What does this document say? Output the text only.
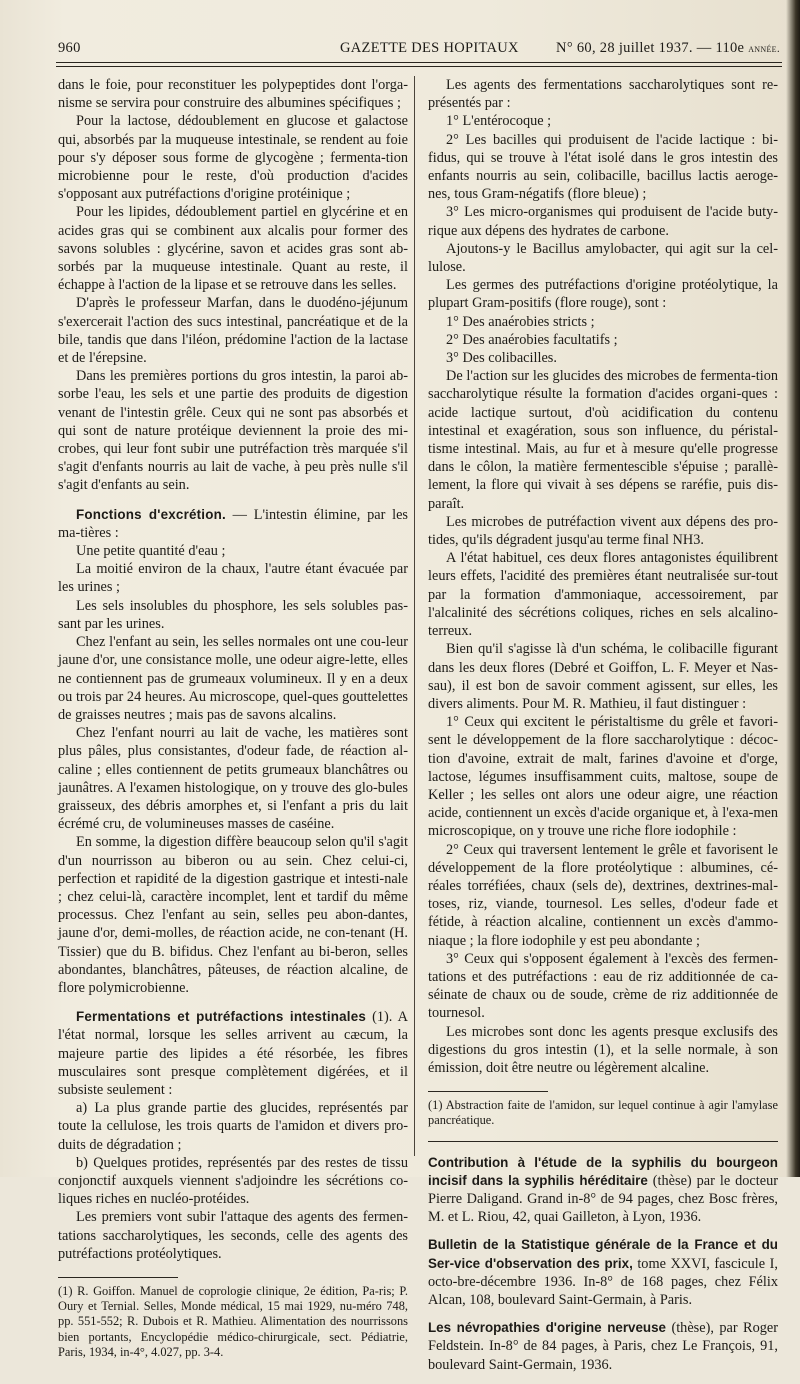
960	GAZETTE DES HOPITAUX	N° 60, 28 juillet 1937. — 110e année.

dans le foie, pour reconstituer les polypeptides dont l'orga-nisme se servira pour construire des albumines spécifiques ;

Pour la lactose, dédoublement en glucose et galactose qui, absorbés par la muqueuse intestinale, se rendent au foie pour s'y déposer sous forme de glycogène ; fermenta-tion microbienne pour le reste, d'où production d'acides s'opposant aux putréfactions d'origine protéinique ;

Pour les lipides, dédoublement partiel en glycérine et en acides gras qui se combinent aux alcalis pour former des savons solubles : glycérine, savon et acides gras sont ab-sorbés par la muqueuse intestinale. Quant au reste, il échappe à l'action de la lipase et se retrouve dans les selles.

D'après le professeur Marfan, dans le duodéno-jéjunum s'exercerait l'action des sucs intestinal, pancréatique et de la bile, tandis que dans l'iléon, prédomine l'action de la lactase et de l'érepsine.

Dans les premières portions du gros intestin, la paroi ab-sorbe l'eau, les sels et une partie des produits de digestion venant de l'intestin grêle. Ceux qui ne sont pas absorbés et qui sont de nature protéique deviennent la proie des mi-crobes, qui leur font subir une putréfaction très marquée s'il s'agit d'enfants nourris au lait de vache, à peu près nulle s'il s'agit d'enfants au sein.

Fonctions d'excrétion. — L'intestin élimine, par les ma-tières :

Une petite quantité d'eau ;

La moitié environ de la chaux, l'autre étant évacuée par les urines ;

Les sels insolubles du phosphore, les sels solubles pas-sant par les urines.

Chez l'enfant au sein, les selles normales ont une cou-leur jaune d'or, une consistance molle, une odeur aigre-lette, elles ne contiennent pas de grumeaux volumineux. Il y en a deux ou trois par 24 heures. Au microscope, quel-ques gouttelettes de graisses neutres ; mais pas de savons alcalins.

Chez l'enfant nourri au lait de vache, les matières sont plus pâles, plus consistantes, d'odeur fade, de réaction al-caline ; elles contiennent de petits grumeaux blanchâtres ou jaunâtres. A l'examen histologique, on y trouve des glo-bules graisseux, des débris amorphes et, si l'enfant a pris du lait écrémé cru, de volumineuses masses de caséine.

En somme, la digestion diffère beaucoup selon qu'il s'agit d'un nourrisson au biberon ou au sein. Chez celui-ci, perfection et rapidité de la digestion gastrique et intesti-nale ; chez celui-là, caractère incomplet, lent et tardif du même processus. Chez l'enfant au sein, selles peu abon-dantes, jaune d'or, demi-molles, de réaction acide, ne con-tenant (H. Tissier) que du B. bifidus. Chez l'enfant au bi-beron, selles abondantes, blanchâtres, pâteuses, de réaction alcaline, de flore polymicrobienne.

Fermentations et putréfactions intestinales (1). A l'état normal, lorsque les selles arrivent au cæcum, la majeure partie des lipides a été résorbée, les fibres musculaires sont presque complètement digérées, et il subsiste seulement :

a) La plus grande partie des glucides, représentés par toute la cellulose, les trois quarts de l'amidon et divers pro-duits de dégradation ;

b) Quelques protides, représentés par des restes de tissu conjonctif auxquels viennent s'adjoindre les sécrétions co-liques riches en nucléo-protéides.

Les premiers vont subir l'attaque des agents des fermen-tations saccharolytiques, les seconds, celle des agents des putréfactions protéolytiques.

(1) R. Goiffon. Manuel de coprologie clinique, 2e édition, Pa-ris; P. Oury et Ternial. Selles, Monde médical, 15 mai 1929, nu-méro 748, pp. 551-552; R. Dubois et R. Mathieu. Alimentation des nourrissons bien portants, Encyclopédie médico-chirurgicale, sect. Pédiatrie, Paris, 1934, in-4°, 4.027, pp. 3-4.

Les agents des fermentations saccharolytiques sont re-présentés par :

1° L'entérocoque ;

2° Les bacilles qui produisent de l'acide lactique : bi-fidus, qui se trouve à l'état isolé dans le gros intestin des enfants nourris au sein, colibacille, bacillus lactis aeroge-nes, tous Gram-négatifs (flore bleue) ;

3° Les micro-organismes qui produisent de l'acide buty-rique aux dépens des hydrates de carbone.

Ajoutons-y le Bacillus amylobacter, qui agit sur la cel-lulose.

Les germes des putréfactions d'origine protéolytique, la plupart Gram-positifs (flore rouge), sont :

1° Des anaérobies stricts ;

2° Des anaérobies facultatifs ;

3° Des colibacilles.

De l'action sur les glucides des microbes de fermenta-tion saccharolytique résulte la formation d'acides organi-ques : acide lactique surtout, d'où acidification du contenu intestinal et exagération, sous son influence, du péristal-tisme intestinal. Mais, au fur et à mesure qu'elle progresse dans le côlon, la matière fermentescible s'épuise ; parallè-lement, la flore qui vivait à ses dépens se raréfie, puis dis-paraît.

Les microbes de putréfaction vivent aux dépens des pro-tides, qu'ils dégradent jusqu'au terme final NH3.

A l'état habituel, ces deux flores antagonistes équilibrent leurs effets, l'acidité des premières étant neutralisée sur-tout par la formation d'ammoniaque, accessoirement, par l'alcalinité des sécrétions coliques, riches en sels alcalino-terreux.

Bien qu'il s'agisse là d'un schéma, le colibacille figurant dans les deux flores (Debré et Goiffon, L. F. Meyer et Nas-sau), il est bon de savoir comment agissent, sur elles, les divers aliments. Pour M. R. Mathieu, il faut distinguer :

1° Ceux qui excitent le péristaltisme du grêle et favori-sent le développement de la flore saccharolytique : décoc-tion d'avoine, extrait de malt, farines d'avoine et d'orge, lactose, légumes insuffisamment cuits, maltose, soupe de Keller ; les selles ont alors une odeur aigre, une réaction acide, contiennent un excès d'acide organique et, à l'exa-men microscopique, on y trouve une riche flore iodophile :

2° Ceux qui traversent lentement le grêle et favorisent le développement de la flore protéolytique : albumines, cé-réales torréfiées, chaux (sels de), dextrines, dextrines-mal-toses, riz, viande, tournesol. Les selles, d'odeur fade et fétide, à réaction alcaline, contiennent un excès d'ammo-niaque ; la flore iodophile y est peu abondante ;

3° Ceux qui s'opposent également à l'excès des fermen-tations et des putréfactions : eau de riz additionnée de ca-séinate de chaux ou de soude, crème de riz additionnée de tournesol.

Les microbes sont donc les agents presque exclusifs des digestions du gros intestin (1), et la selle normale, à son émission, doit être neutre ou légèrement alcaline.

(1) Abstraction faite de l'amidon, sur lequel continue à agir l'amylase pancréatique.

Contribution à l'étude de la syphilis du bourgeon incisif dans la syphilis héréditaire (thèse) par le docteur Pierre Daligand. Grand in-8° de 94 pages, chez Bosc frères, M. et L. Riou, 42, quai Gailleton, à Lyon, 1936.

Bulletin de la Statistique générale de la France et du Ser-vice d'observation des prix, tome XXVI, fascicule I, octo-bre-décembre 1936. In-8° de 168 pages, chez Félix Alcan, 108, boulevard Saint-Germain, à Paris.

Les névropathies d'origine nerveuse (thèse), par Roger Feldstein. In-8° de 84 pages, à Paris, chez Le François, 91, boulevard Saint-Germain, 1936.
